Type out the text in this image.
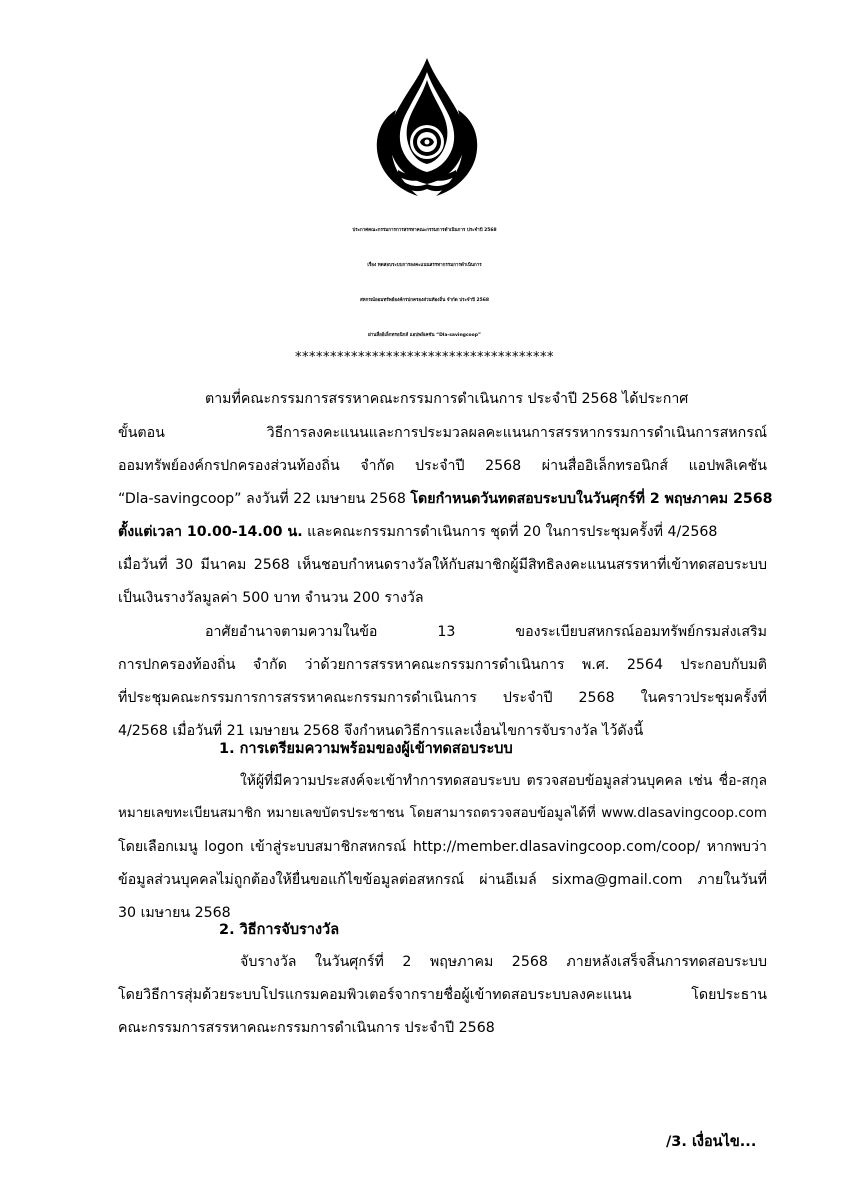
ประกาศคณะกรรมการการสรรหาคณะกรรมการดำเนินการ ประจำปี 2568
เรื่อง ทดสอบระบบการลงคะแนนสรรหากรรมการดำเนินการ
สหกรณ์ออมทรัพย์องค์กรปกครองส่วนท้องถิ่น จำกัด ประจำปี 2568
ผ่านสื่ออิเล็กทรอนิกส์ แอปพลิเคชัน “Dla-savingcoop”
*************************************
ตามที่คณะกรรมการสรรหาคณะกรรมการดำเนินการ ประจำปี 2568 ได้ประกาศ
ขั้นตอน วิธีการลงคะแนนและการประมวลผลคะแนนการสรรหากรรมการดำเนินการสหกรณ์
ออมทรัพย์องค์กรปกครองส่วนท้องถิ่น จำกัด ประจำปี 2568 ผ่านสื่ออิเล็กทรอนิกส์ แอปพลิเคชัน
“Dla-savingcoop” ลงวันที่ 22 เมษายน 2568 โดยกำหนดวันทดสอบระบบในวันศุกร์ที่ 2 พฤษภาคม 2568
ตั้งแต่เวลา 10.00-14.00 น. และคณะกรรมการดำเนินการ ชุดที่ 20 ในการประชุมครั้งที่ 4/2568
เมื่อวันที่ 30 มีนาคม 2568 เห็นชอบกำหนดรางวัลให้กับสมาชิกผู้มีสิทธิลงคะแนนสรรหาที่เข้าทดสอบระบบ
เป็นเงินรางวัลมูลค่า 500 บาท จำนวน 200 รางวัล
อาศัยอำนาจตามความในข้อ 13 ของระเบียบสหกรณ์ออมทรัพย์กรมส่งเสริม
การปกครองท้องถิ่น จำกัด ว่าด้วยการสรรหาคณะกรรมการดำเนินการ พ.ศ. 2564 ประกอบกับมติ
ที่ประชุมคณะกรรมการการสรรหาคณะกรรมการดำเนินการ ประจำปี 2568 ในคราวประชุมครั้งที่
4/2568 เมื่อวันที่ 21 เมษายน 2568 จึงกำหนดวิธีการและเงื่อนไขการจับรางวัล ไว้ดังนี้
1. การเตรียมความพร้อมของผู้เข้าทดสอบระบบ
ให้ผู้ที่มีความประสงค์จะเข้าทำการทดสอบระบบ ตรวจสอบข้อมูลส่วนบุคคล เช่น ชื่อ-สกุล
หมายเลขทะเบียนสมาชิก หมายเลขบัตรประชาชน โดยสามารถตรวจสอบข้อมูลได้ที่ www.dlasavingcoop.com
โดยเลือกเมนู logon เข้าสู่ระบบสมาชิกสหกรณ์ http://member.dlasavingcoop.com/coop/ หากพบว่า
ข้อมูลส่วนบุคคลไม่ถูกต้องให้ยื่นขอแก้ไขข้อมูลต่อสหกรณ์ ผ่านอีเมล์ sixma@gmail.com ภายในวันที่
30 เมษายน 2568
2. วิธีการจับรางวัล
จับรางวัล ในวันศุกร์ที่ 2 พฤษภาคม 2568 ภายหลังเสร็จสิ้นการทดสอบระบบ
โดยวิธีการสุ่มด้วยระบบโปรแกรมคอมพิวเตอร์จากรายชื่อผู้เข้าทดสอบระบบลงคะแนน โดยประธาน
คณะกรรมการสรรหาคณะกรรมการดำเนินการ ประจำปี 2568
/3. เงื่อนไข...
